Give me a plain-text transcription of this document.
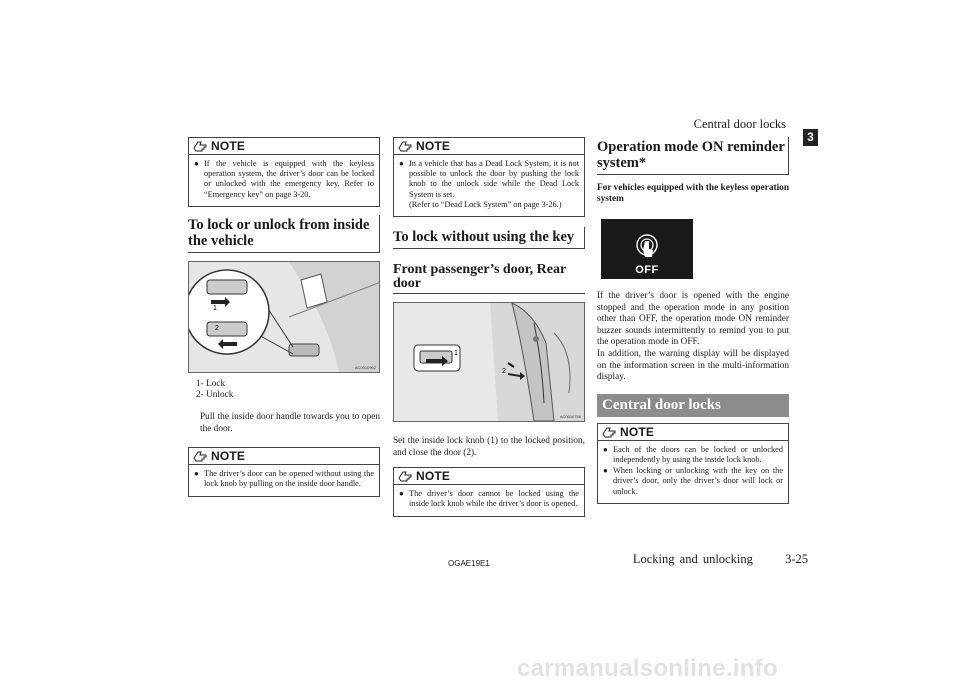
Central door locks
3
NOTE
● If the vehicle is equipped with the keyless operation system, the driver’s door can be locked or unlocked with the emergency key. Refer to “Emergency key” on page 3-20.
To lock or unlock from inside the vehicle
1
2
AC0010992
1- Lock
2- Unlock
Pull the inside door handle towards you to open the door.
NOTE
● The driver’s door can be opened without using the lock knob by pulling on the inside door handle.
NOTE
● In a vehicle that has a Dead Lock System, it is not possible to unlock the door by pushing the lock knob to the unlock side while the Dead Lock System is set.
(Refer to “Dead Lock System” on page 3-26.)
To lock without using the key
Front passenger’s door, Rear door
2
1
AC0010756
Set the inside lock knob (1) to the locked position, and close the door (2).
NOTE
● The driver’s door cannot be locked using the inside lock knob while the driver’s door is opened.
Operation mode ON reminder system*
For vehicles equipped with the keyless operation system
OFF
If the driver’s door is opened with the engine stopped and the operation mode in any position other than OFF, the operation mode ON reminder buzzer sounds intermittently to remind you to put the operation mode in OFF.
In addition, the warning display will be displayed on the information screen in the multi-information display.
Central door locks
NOTE
● Each of the doors can be locked or unlocked independently by using the inside lock knob.
● When locking or unlocking with the key on the driver’s door, only the driver’s door will lock or unlock.
OGAE19E1	Locking and unlocking	3-25
carmanualsonline.info
